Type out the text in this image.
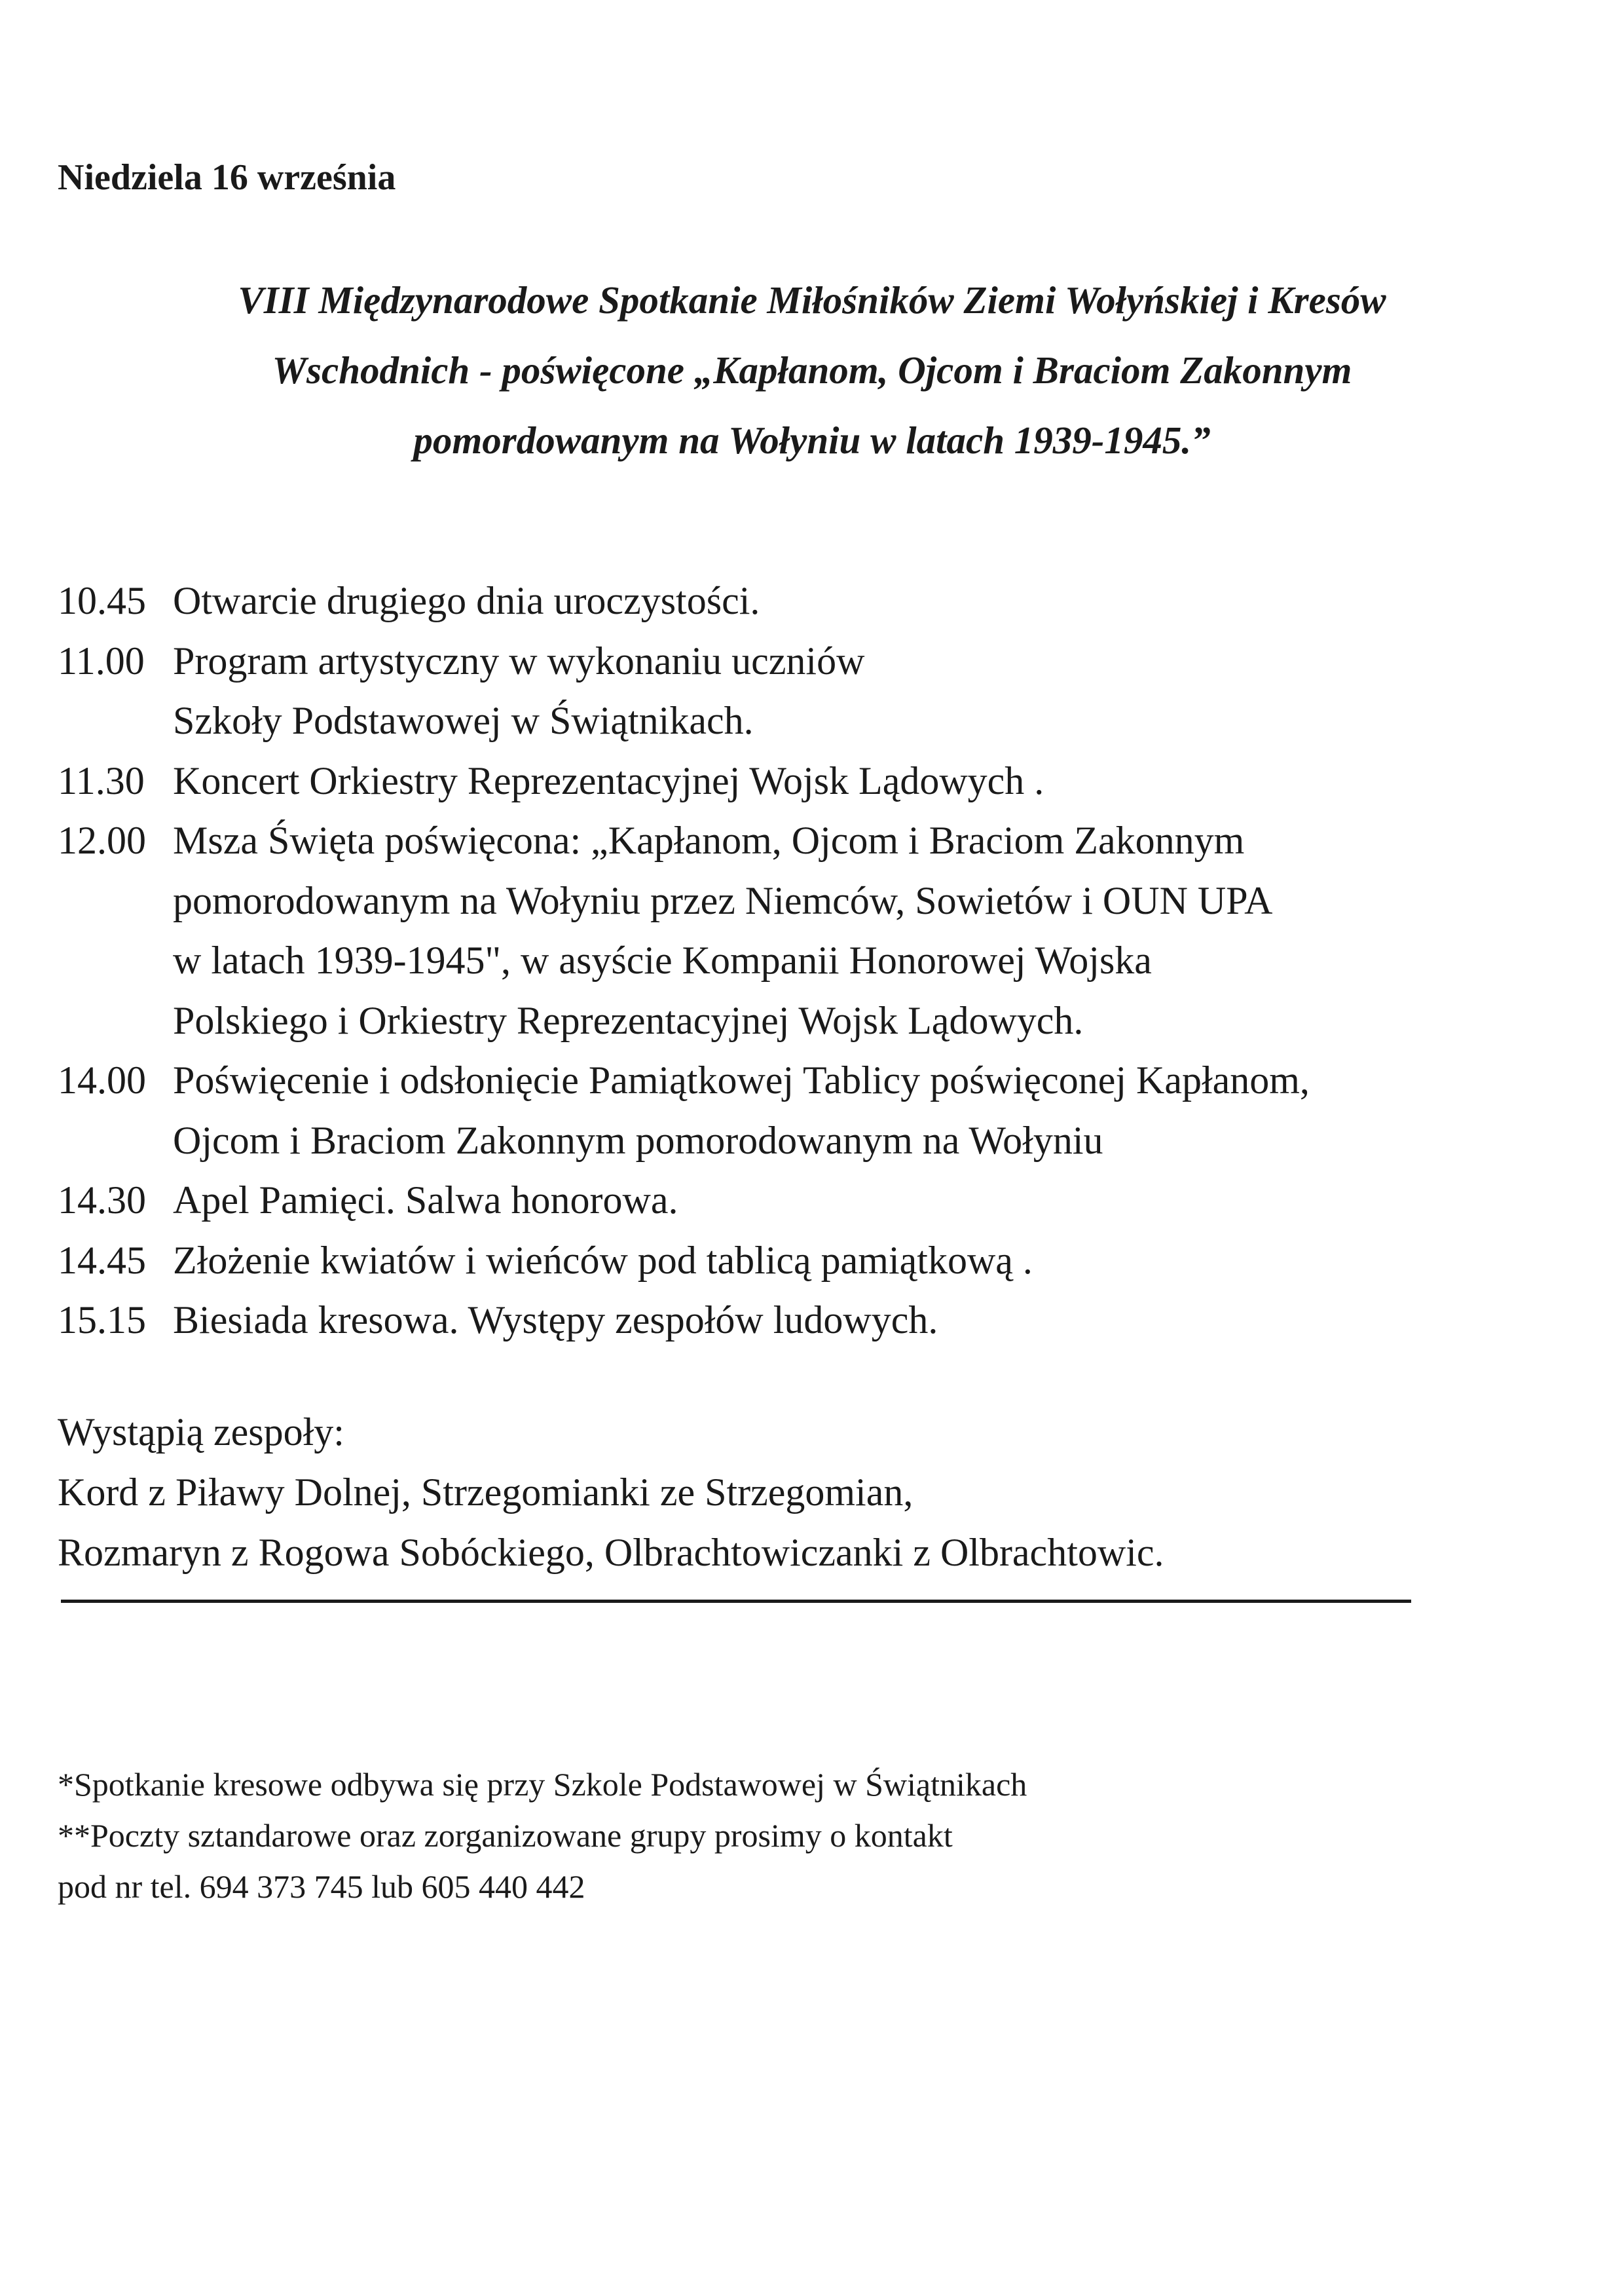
Niedziela 16 września
VIII Międzynarodowe Spotkanie Miłośników Ziemi Wołyńskiej i Kresów
Wschodnich - poświęcone „Kapłanom, Ojcom i Braciom Zakonnym
pomordowanym na Wołyniu w latach 1939-1945.”
10.45 Otwarcie drugiego dnia uroczystości.
11.00 Program artystyczny w wykonaniu uczniów
Szkoły Podstawowej w Świątnikach.
11.30 Koncert Orkiestry Reprezentacyjnej Wojsk Lądowych .
12.00 Msza Święta poświęcona: „Kapłanom, Ojcom i Braciom Zakonnym
pomorodowanym na Wołyniu przez Niemców, Sowietów i OUN UPA
w latach 1939-1945", w asyście Kompanii Honorowej Wojska
Polskiego i Orkiestry Reprezentacyjnej Wojsk Lądowych.
14.00 Poświęcenie i odsłonięcie Pamiątkowej Tablicy poświęconej Kapłanom,
Ojcom i Braciom Zakonnym pomorodowanym na Wołyniu
14.30 Apel Pamięci. Salwa honorowa.
14.45 Złożenie kwiatów i wieńców pod tablicą pamiątkową .
15.15 Biesiada kresowa. Występy zespołów ludowych.
Wystąpią zespoły:
Kord z Piławy Dolnej, Strzegomianki ze Strzegomian,
Rozmaryn z Rogowa Sobóckiego, Olbrachtowiczanki z Olbrachtowic.
*Spotkanie kresowe odbywa się przy Szkole Podstawowej w Świątnikach
**Poczty sztandarowe oraz zorganizowane grupy prosimy o kontakt
pod nr tel. 694 373 745 lub 605 440 442
